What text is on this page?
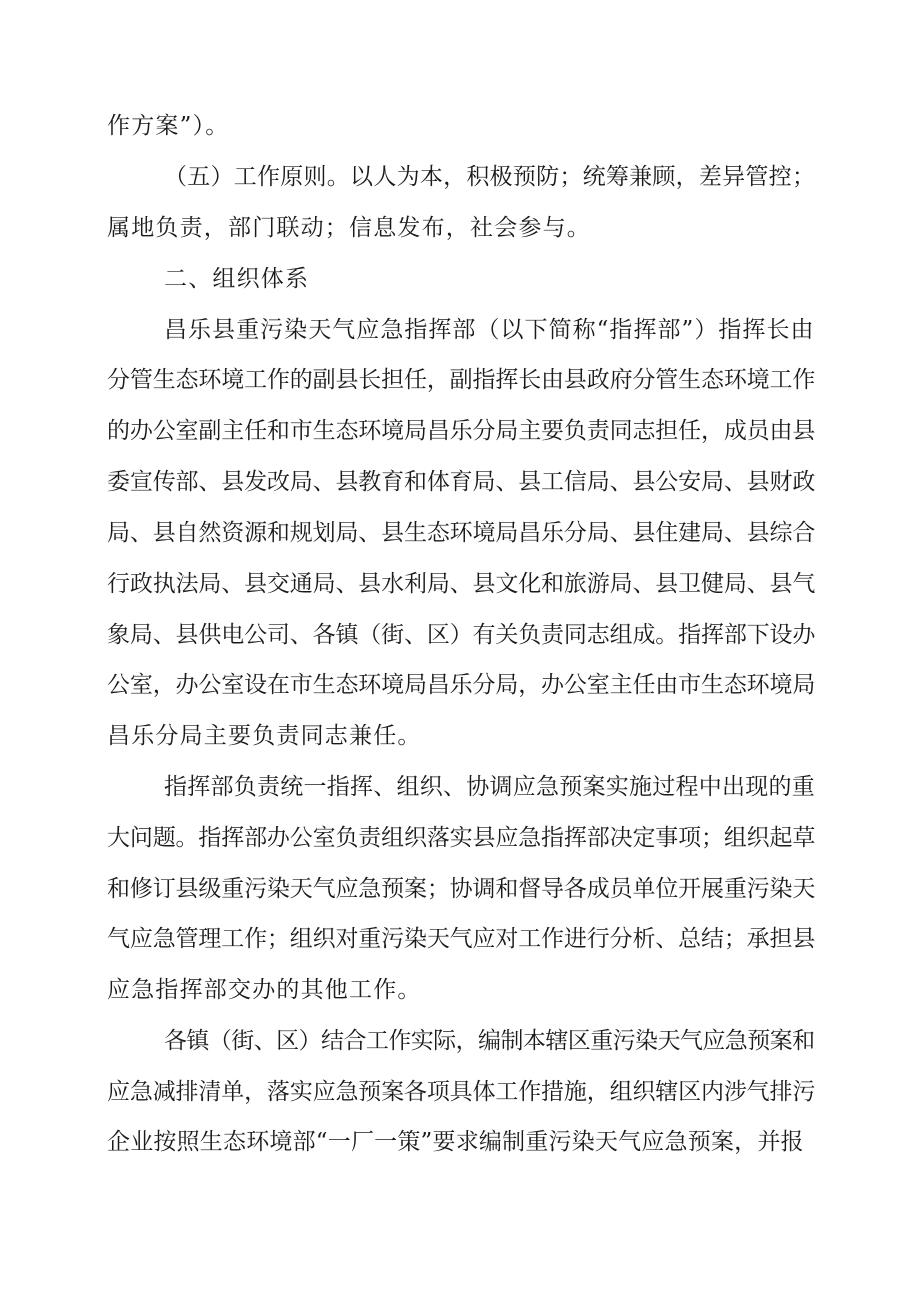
作方案”）。
（五）工作原则。以人为本，积极预防；统筹兼顾，差异管控；
属地负责，部门联动；信息发布，社会参与。
二、组织体系
昌乐县重污染天气应急指挥部（以下简称“指挥部”）指挥长由
分管生态环境工作的副县长担任，副指挥长由县政府分管生态环境工作
的办公室副主任和市生态环境局昌乐分局主要负责同志担任，成员由县
委宣传部、县发改局、县教育和体育局、县工信局、县公安局、县财政
局、县自然资源和规划局、县生态环境局昌乐分局、县住建局、县综合
行政执法局、县交通局、县水利局、县文化和旅游局、县卫健局、县气
象局、县供电公司、各镇（街、区）有关负责同志组成。指挥部下设办
公室，办公室设在市生态环境局昌乐分局，办公室主任由市生态环境局
昌乐分局主要负责同志兼任。
指挥部负责统一指挥、组织、协调应急预案实施过程中出现的重
大问题。指挥部办公室负责组织落实县应急指挥部决定事项；组织起草
和修订县级重污染天气应急预案；协调和督导各成员单位开展重污染天
气应急管理工作；组织对重污染天气应对工作进行分析、总结；承担县
应急指挥部交办的其他工作。
各镇（街、区）结合工作实际，编制本辖区重污染天气应急预案和
应急减排清单，落实应急预案各项具体工作措施，组织辖区内涉气排污
企业按照生态环境部“一厂一策”要求编制重污染天气应急预案，并报
